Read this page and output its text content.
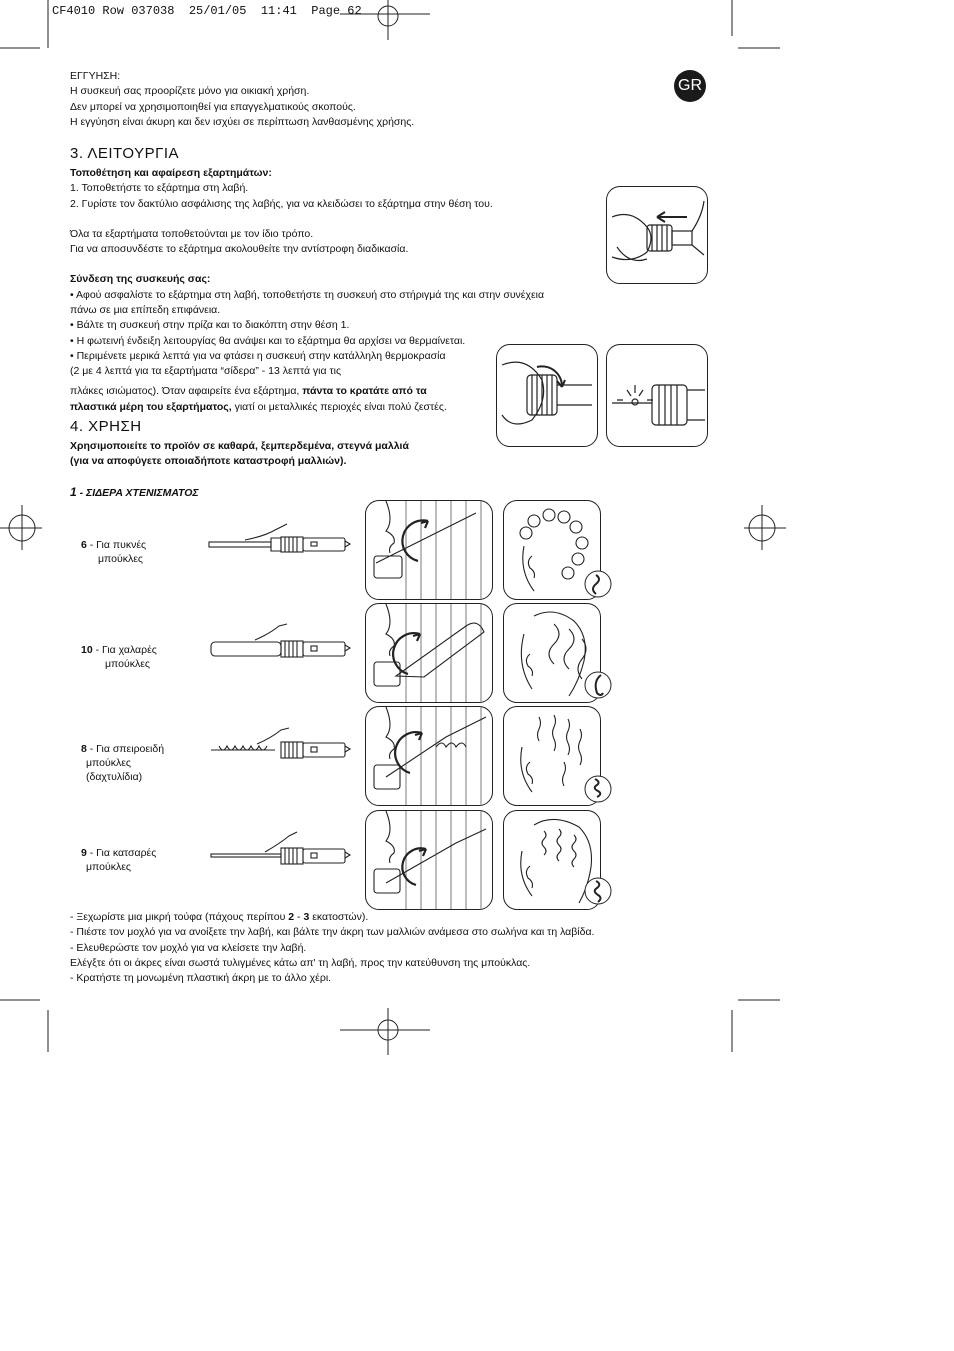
CF4010 Row 037038  25/01/05  11:41  Page 62
GR
ΕΓΓΥΗΣΗ:
Η συσκευή σας προορίζετε μόνο για οικιακή χρήση.
Δεν μπορεί να χρησιμοποιηθεί για επαγγελματικούς σκοπούς.
Η εγγύηση είναι άκυρη και δεν ισχύει σε περίπτωση λανθασμένης χρήσης.
3. ΛΕΙΤΟΥΡΓΙΑ
Τοποθέτηση και αφαίρεση εξαρτημάτων:
1. Τοποθετήστε το εξάρτημα στη λαβή.
2. Γυρίστε τον δακτύλιο ασφάλισης της λαβής, για να κλειδώσει το εξάρτημα στην θέση του.
Όλα τα εξαρτήματα τοποθετούνται με τον ίδιο τρόπο.
Για να αποσυνδέστε το εξάρτημα ακολουθείτε την αντίστροφη διαδικασία.
Σύνδεση της συσκευής σας:
• Αφού ασφαλίστε το εξάρτημα στη λαβή, τοποθετήστε τη συσκευή στο στήριγμά της και στην συνέχεια
πάνω σε μια επίπεδη επιφάνεια.
• Βάλτε τη συσκευή στην πρίζα και το διακόπτη στην θέση 1.
• Η φωτεινή ένδειξη λειτουργίας θα ανάψει και το εξάρτημα θα αρχίσει να θερμαίνεται.
• Περιμένετε μερικά λεπτά για να φτάσει η συσκευή στην κατάλληλη θερμοκρασία
(2 με 4 λεπτά για τα εξαρτήματα “σίδερα” - 13 λεπτά για τις
πλάκες ισιώματος). Όταν αφαιρείτε ένα εξάρτημα, πάντα το κρατάτε από τα
πλαστικά μέρη του εξαρτήματος, γιατί οι μεταλλικές περιοχές είναι πολύ ζεστές.
4. ΧΡΗΣΗ
Χρησιμοποιείτε το προϊόν σε καθαρά, ξεμπερδεμένα, στεγνά μαλλιά
(για να αποφύγετε οποιαδήποτε καταστροφή μαλλιών).
1 - ΣΙΔΕΡΑ ΧΤΕΝΙΣΜΑΤΟΣ
6 - Για πυκνές
μπούκλες
10 - Για χαλαρές
μπούκλες
8 - Για σπειροειδή
μπούκλες
(δαχτυλίδια)
9 - Για κατσαρές
μπούκλες
- Ξεχωρίστε μια μικρή τούφα (πάχους περίπου 2 - 3 εκατοστών).
- Πιέστε τον μοχλό για να ανοίξετε την λαβή, και βάλτε την άκρη των μαλλιών ανάμεσα στο σωλήνα και τη λαβίδα.
- Ελευθερώστε τον μοχλό για να κλείσετε την λαβή.
Ελέγξτε ότι οι άκρες είναι σωστά τυλιγμένες κάτω απ' τη λαβή, προς την κατεύθυνση της μπούκλας.
- Κρατήστε τη μονωμένη πλαστική άκρη με το άλλο χέρι.
